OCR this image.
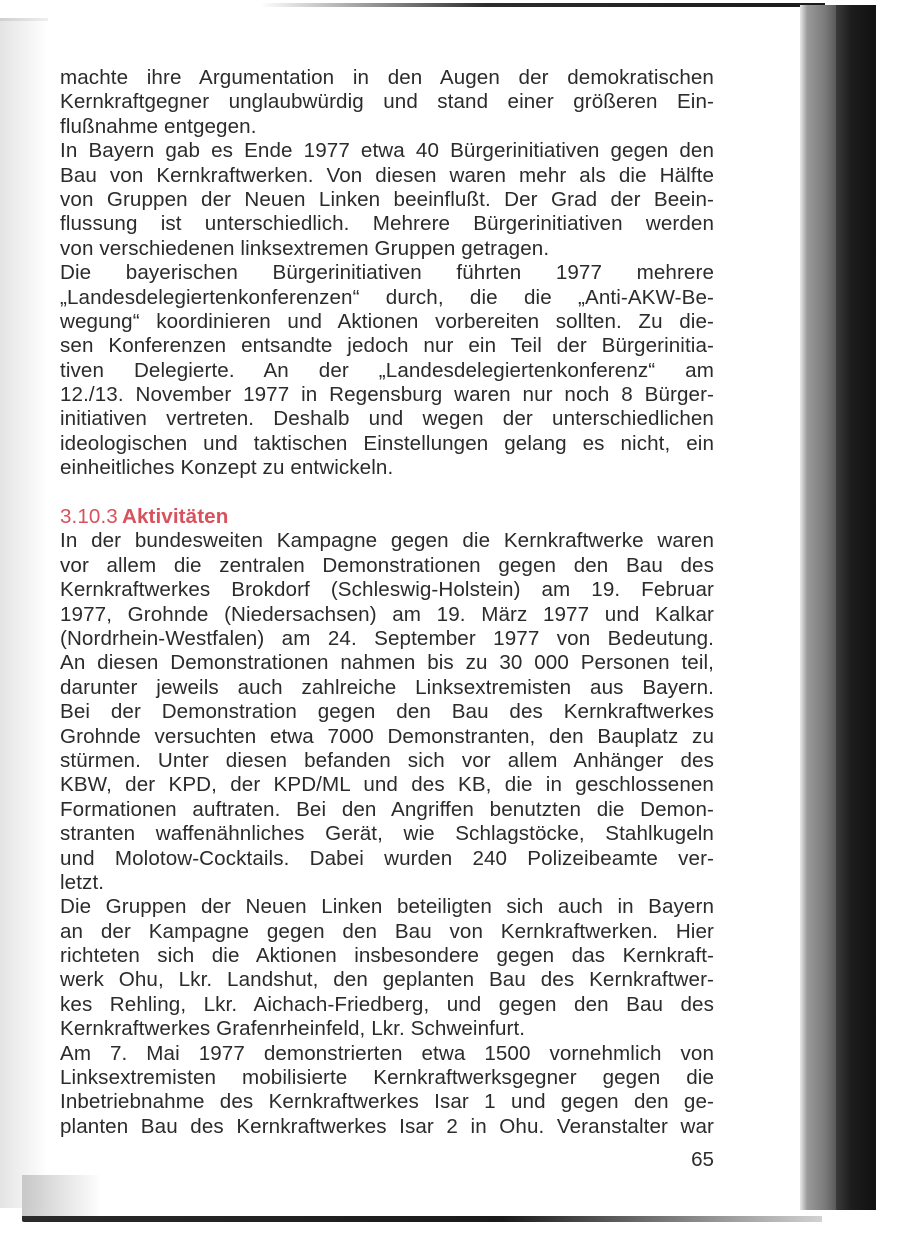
machte ihre Argumentation in den Augen der demokratischen
Kernkraftgegner unglaubwürdig und stand einer größeren Ein-
flußnahme entgegen.
In Bayern gab es Ende 1977 etwa 40 Bürgerinitiativen gegen den
Bau von Kernkraftwerken. Von diesen waren mehr als die Hälfte
von Gruppen der Neuen Linken beeinflußt. Der Grad der Beein-
flussung ist unterschiedlich. Mehrere Bürgerinitiativen werden
von verschiedenen linksextremen Gruppen getragen.
Die bayerischen Bürgerinitiativen führten 1977 mehrere
„Landesdelegiertenkonferenzen“ durch, die die „Anti-AKW-Be-
wegung“ koordinieren und Aktionen vorbereiten sollten. Zu die-
sen Konferenzen entsandte jedoch nur ein Teil der Bürgerinitia-
tiven Delegierte. An der „Landesdelegiertenkonferenz“ am
12./13. November 1977 in Regensburg waren nur noch 8 Bürger-
initiativen vertreten. Deshalb und wegen der unterschiedlichen
ideologischen und taktischen Einstellungen gelang es nicht, ein
einheitliches Konzept zu entwickeln.
3.10.3 Aktivitäten
In der bundesweiten Kampagne gegen die Kernkraftwerke waren
vor allem die zentralen Demonstrationen gegen den Bau des
Kernkraftwerkes Brokdorf (Schleswig-Holstein) am 19. Februar
1977, Grohnde (Niedersachsen) am 19. März 1977 und Kalkar
(Nordrhein-Westfalen) am 24. September 1977 von Bedeutung.
An diesen Demonstrationen nahmen bis zu 30 000 Personen teil,
darunter jeweils auch zahlreiche Linksextremisten aus Bayern.
Bei der Demonstration gegen den Bau des Kernkraftwerkes
Grohnde versuchten etwa 7000 Demonstranten, den Bauplatz zu
stürmen. Unter diesen befanden sich vor allem Anhänger des
KBW, der KPD, der KPD/ML und des KB, die in geschlossenen
Formationen auftraten. Bei den Angriffen benutzten die Demon-
stranten waffenähnliches Gerät, wie Schlagstöcke, Stahlkugeln
und Molotow-Cocktails. Dabei wurden 240 Polizeibeamte ver-
letzt.
Die Gruppen der Neuen Linken beteiligten sich auch in Bayern
an der Kampagne gegen den Bau von Kernkraftwerken. Hier
richteten sich die Aktionen insbesondere gegen das Kernkraft-
werk Ohu, Lkr. Landshut, den geplanten Bau des Kernkraftwer-
kes Rehling, Lkr. Aichach-Friedberg, und gegen den Bau des
Kernkraftwerkes Grafenrheinfeld, Lkr. Schweinfurt.
Am 7. Mai 1977 demonstrierten etwa 1500 vornehmlich von
Linksextremisten mobilisierte Kernkraftwerksgegner gegen die
Inbetriebnahme des Kernkraftwerkes Isar 1 und gegen den ge-
planten Bau des Kernkraftwerkes Isar 2 in Ohu. Veranstalter war
65
